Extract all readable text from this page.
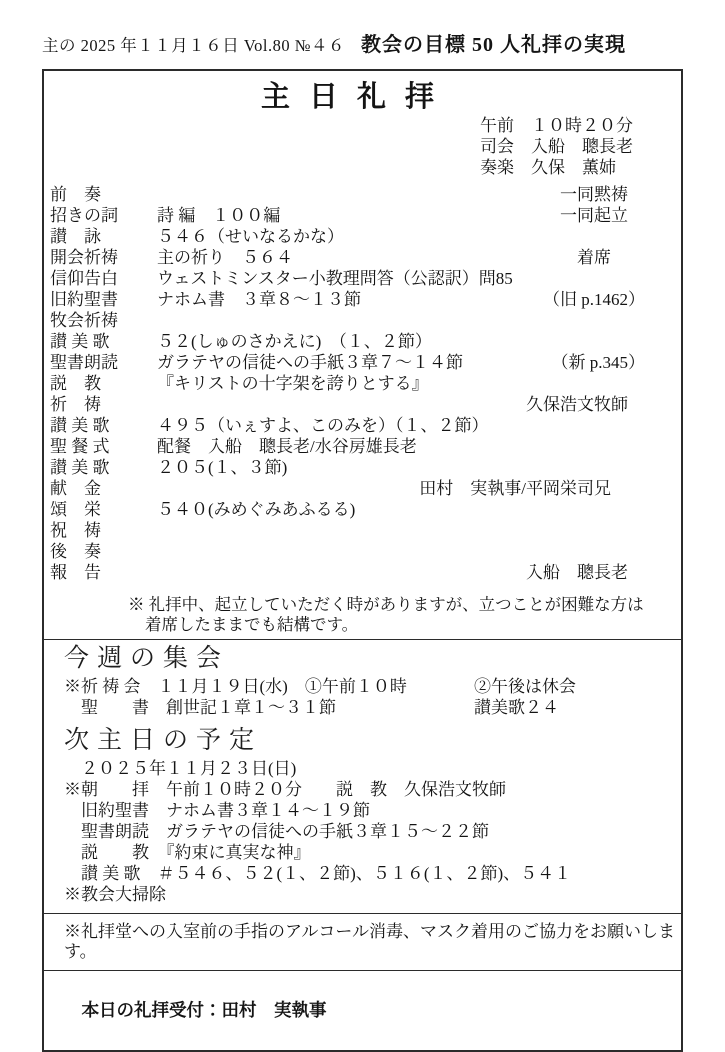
主の 2025 年１１月１６日 Vol.80 №４６ 教会の目標 50 人礼拝の実現
主日礼拝
午前 １０時２０分
司会 入船　聰長老
奏楽 久保　薫姉
前　奏	一同黙祷　
招きの詞	詩 編　１００編	一同起立　
讃　詠	５４６（せいなるかな）
開会祈祷	主の祈り　５６４	着席　　
信仰告白	ウェストミンスター小教理問答（公認訳）問85
旧約聖書	ナホム書　３章８～１３節	（旧 p.1462）
牧会祈祷
讃 美 歌	５２(しゅのさかえに)　（１、２節）
聖書朗読	ガラテヤの信徒への手紙３章７～１４節	（新 p.345）
説　教	『キリストの十字架を誇りとする』
祈　祷	久保浩文牧師　
讃 美 歌	４９５（いぇすよ、このみを）（１、２節）
聖 餐 式	配餐　入船　聰長老/水谷房雄長老
讃 美 歌	２０５(１、３節)
献　金	田村　実執事/平岡栄司兄　　
頌　栄	５４０(みめぐみあふるる)
祝　祷
後　奏
報　告	入船　聰長老　
※ 礼拝中、起立していただく時がありますが、立つことが困難な方は
着席したままでも結構です。
今週の集会
※祈 祷 会　１１月１９日(水)　①午前１０時	②午後は休会
　聖　　書　創世記１章１～３１節	讃美歌２４
次主日の予定
　２０２５年１１月２３日(日)
※朝　　拝　午前１０時２０分　　説　教　久保浩文牧師
　旧約聖書　ナホム書３章１４～１９節
　聖書朗読　ガラテヤの信徒への手紙３章１５～２２節
　説　　教　『約束に真実な神』
　讃 美 歌　＃５４６、５２(１、２節)、５１６(１、２節)、５４１
※教会大掃除
※礼拝堂への入室前の手指のアルコール消毒、マスク着用のご協力をお願いします。

本日の礼拝受付：田村　実執事
